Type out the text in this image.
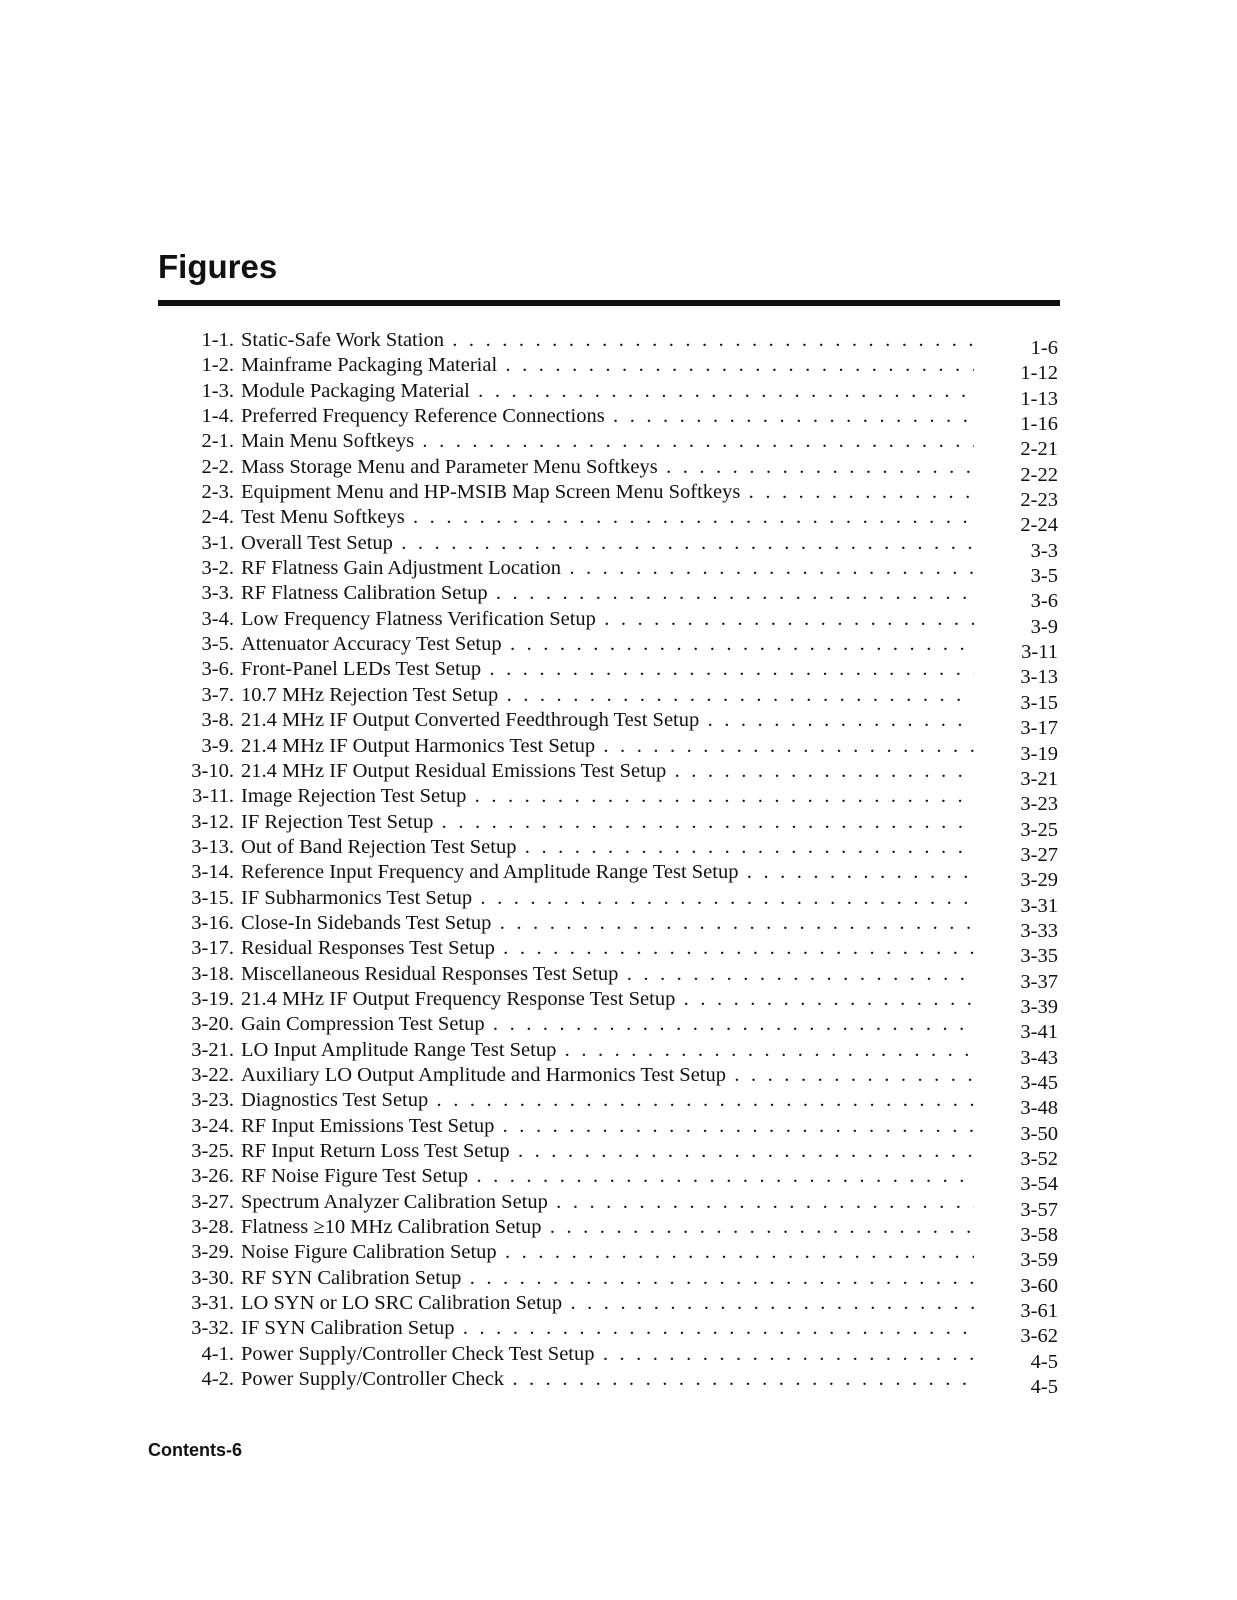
Figures
1-1. Static-Safe Work Station . . .	1-6
1-2. Mainframe Packaging Material . . .	1-12
1-3. Module Packaging Material . . .	1-13
1-4. Preferred Frequency Reference Connections . . .	1-16
2-1. Main Menu Softkeys . . .	2-21
2-2. Mass Storage Menu and Parameter Menu Softkeys . . .	2-22
2-3. Equipment Menu and HP-MSIB Map Screen Menu Softkeys . . .	2-23
2-4. Test Menu Softkeys . . .	2-24
3-1. Overall Test Setup . . .	3-3
3-2. RF Flatness Gain Adjustment Location . . .	3-5
3-3. RF Flatness Calibration Setup . . .	3-6
3-4. Low Frequency Flatness Verification Setup . . .	3-9
3-5. Attenuator Accuracy Test Setup . . .	3-11
3-6. Front-Panel LEDs Test Setup . . .	3-13
3-7. 10.7 MHz Rejection Test Setup . . .	3-15
3-8. 21.4 MHz IF Output Converted Feedthrough Test Setup . . .	3-17
3-9. 21.4 MHz IF Output Harmonics Test Setup . . .	3-19
3-10. 21.4 MHz IF Output Residual Emissions Test Setup . . .	3-21
3-11. Image Rejection Test Setup . . .	3-23
3-12. IF Rejection Test Setup . . .	3-25
3-13. Out of Band Rejection Test Setup . . .	3-27
3-14. Reference Input Frequency and Amplitude Range Test Setup . . .	3-29
3-15. IF Subharmonics Test Setup . . .	3-31
3-16. Close-In Sidebands Test Setup . . .	3-33
3-17. Residual Responses Test Setup . . .	3-35
3-18. Miscellaneous Residual Responses Test Setup . . .	3-37
3-19. 21.4 MHz IF Output Frequency Response Test Setup . . .	3-39
3-20. Gain Compression Test Setup . . .	3-41
3-21. LO Input Amplitude Range Test Setup . . .	3-43
3-22. Auxiliary LO Output Amplitude and Harmonics Test Setup . . .	3-45
3-23. Diagnostics Test Setup . . .	3-48
3-24. RF Input Emissions Test Setup . . .	3-50
3-25. RF Input Return Loss Test Setup . . .	3-52
3-26. RF Noise Figure Test Setup . . .	3-54
3-27. Spectrum Analyzer Calibration Setup . . .	3-57
3-28. Flatness ≥10 MHz Calibration Setup . . .	3-58
3-29. Noise Figure Calibration Setup . . .	3-59
3-30. RF SYN Calibration Setup . . .	3-60
3-31. LO SYN or LO SRC Calibration Setup . . .	3-61
3-32. IF SYN Calibration Setup . . .	3-62
4-1. Power Supply/Controller Check Test Setup . . .	4-5
4-2. Power Supply/Controller Check . . .	4-5
Contents-6
